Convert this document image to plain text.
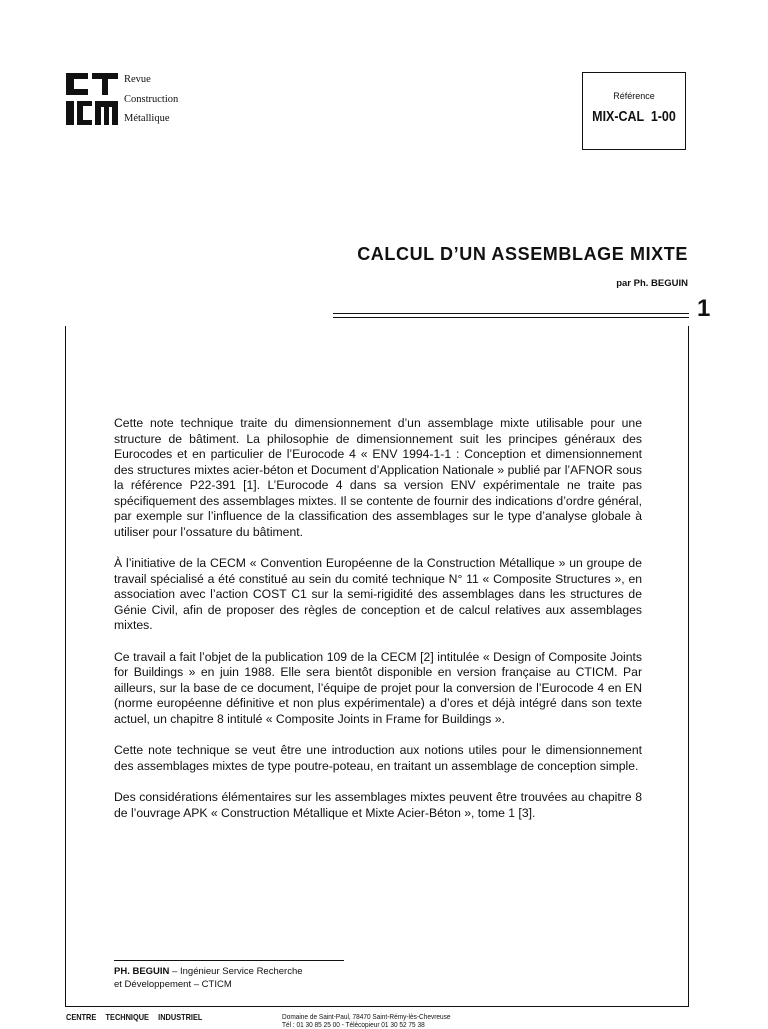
Revue
Construction
Métallique
Référence
MIX-CAL  1-00
CALCUL D’UN ASSEMBLAGE MIXTE
par Ph. BEGUIN
1

Cette note technique traite du dimensionnement d’un assemblage mixte utilisable pour une structure de bâtiment. La philosophie de dimensionnement suit les principes généraux des Eurocodes et en particulier de l’Eurocode 4 « ENV 1994-1-1 : Conception et dimensionnement des structures mixtes acier-béton et Document d’Application Nationale » publié par l’AFNOR sous la référence P22-391 [1]. L’Eurocode 4 dans sa version ENV expérimentale ne traite pas spécifiquement des assemblages mixtes. Il se contente de fournir des indications d’ordre général, par exemple sur l’influence de la classification des assemblages sur le type d’analyse globale à utiliser pour l’ossature du bâtiment.

À l’initiative de la CECM « Convention Européenne de la Construction Métallique » un groupe de travail spécialisé a été constitué au sein du comité technique N° 11 « Composite Structures », en association avec l’action COST C1 sur la semi-rigidité des assemblages dans les structures de Génie Civil, afin de proposer des règles de conception et de calcul relatives aux assemblages mixtes.

Ce travail a fait l’objet de la publication 109 de la CECM [2] intitulée « Design of Composite Joints for Buildings » en juin 1988. Elle sera bientôt disponible en version française au CTICM. Par ailleurs, sur la base de ce document, l’équipe de projet pour la conversion de l’Eurocode 4 en EN (norme européenne définitive et non plus expérimentale) a d’ores et déjà intégré dans son texte actuel, un chapitre 8 intitulé « Composite Joints in Frame for Buildings ».

Cette note technique se veut être une introduction aux notions utiles pour le dimensionnement des assemblages mixtes de type poutre-poteau, en traitant un assemblage de conception simple.

Des considérations élémentaires sur les assemblages mixtes peuvent être trouvées au chapitre 8 de l’ouvrage APK « Construction Métallique et Mixte Acier-Béton », tome 1 [3].

PH. BEGUIN – Ingénieur Service Recherche
et Développement – CTICM
CENTRE TECHNIQUE INDUSTRIEL	Domaine de Saint-Paul, 78470 Saint-Rémy-lès-Chevreuse
Tél : 01 30 85 25 00 - Télécopieur 01 30 52 75 38
